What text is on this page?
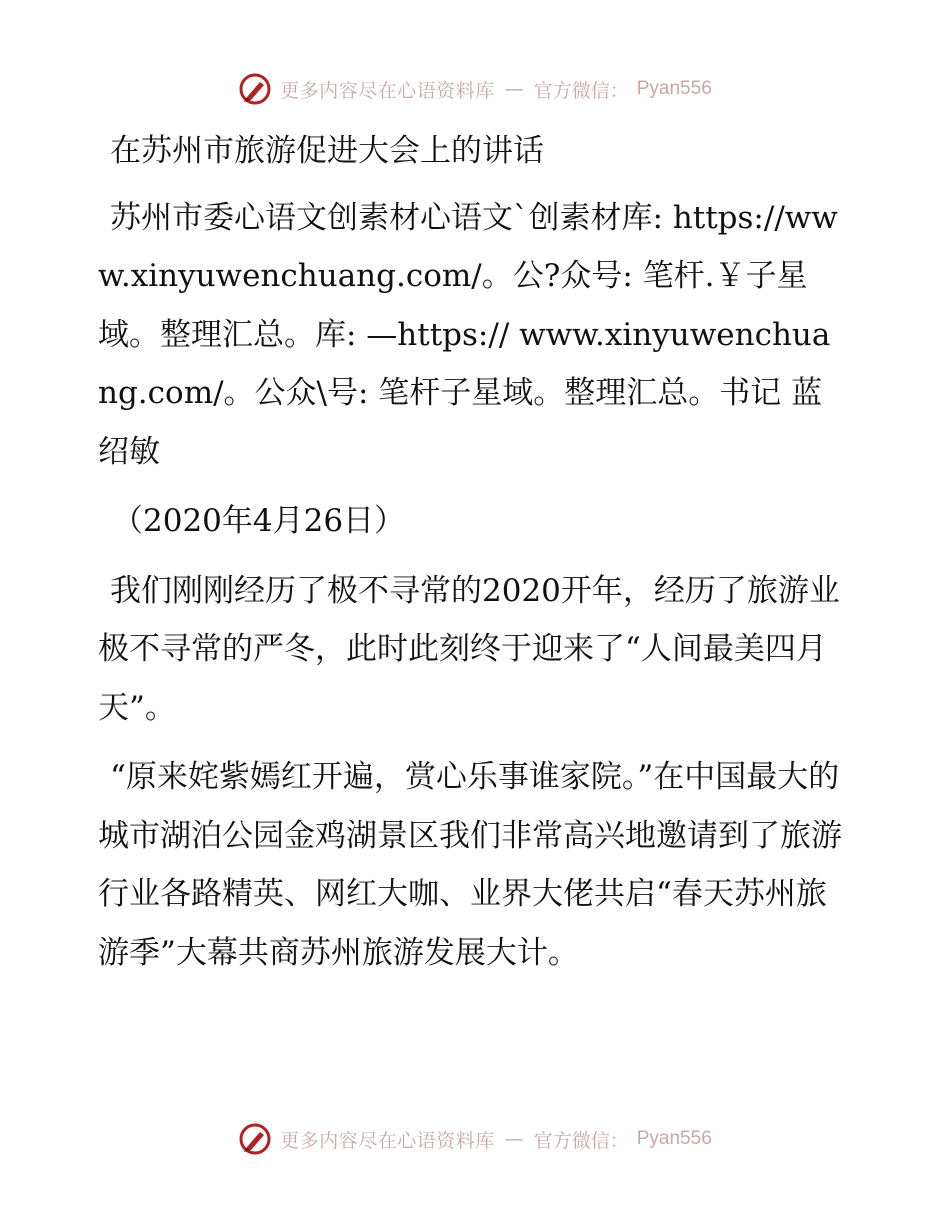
更多内容尽在心语资料库 — 官方微信： Pyan556

在苏州市旅游促进大会上的讲话

苏州市委心语文创素材心语文`创素材库: https://www.xinyuwenchuang.com/。公?众号: 笔杆.￥子星域。整理汇总。库: —https:// www.xinyuwenchuang.com/。公众\号: 笔杆子星域。整理汇总。书记 蓝绍敏

（2020年4月26日）

我们刚刚经历了极不寻常的2020开年，经历了旅游业极不寻常的严冬，此时此刻终于迎来了“人间最美四月天”。

“原来姹紫嫣红开遍，赏心乐事谁家院。”在中国最大的城市湖泊公园金鸡湖景区我们非常高兴地邀请到了旅游行业各路精英、网红大咖、业界大佬共启“春天苏州旅游季”大幕共商苏州旅游发展大计。

更多内容尽在心语资料库 — 官方微信： Pyan556
